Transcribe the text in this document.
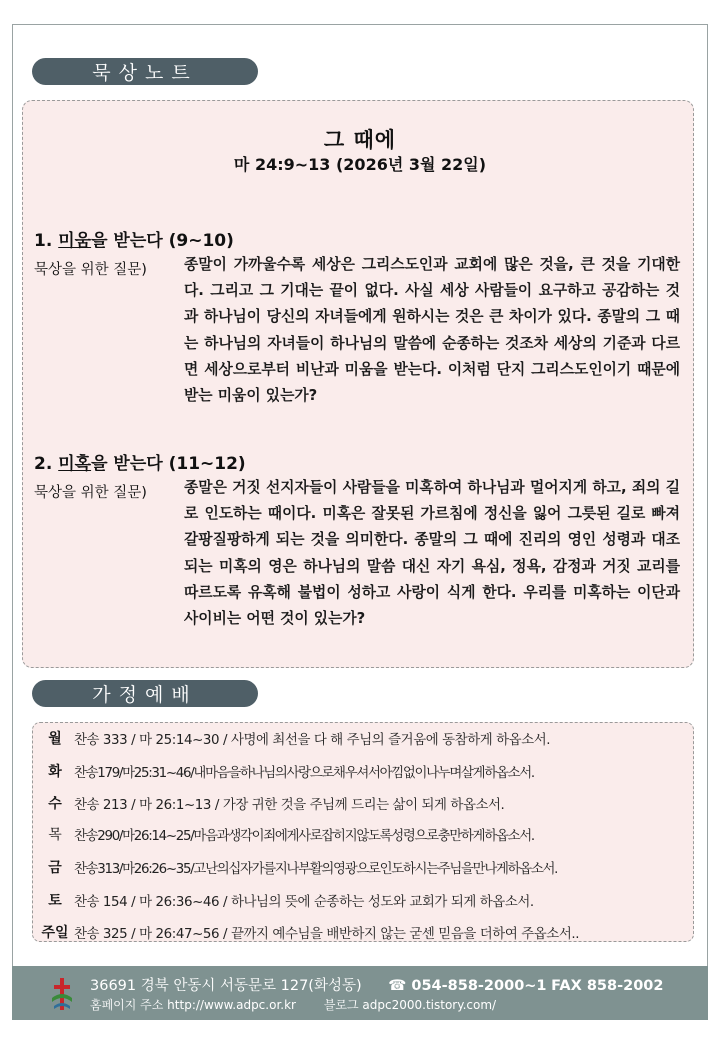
묵상노트
그 때에
마 24:9~13 (2026년 3월 22일)
1. 미움을 받는다 (9~10)
묵상을 위한 질문)	종말이 가까울수록 세상은 그리스도인과 교회에 많은 것을, 큰 것을 기대한다. 그리고 그 기대는 끝이 없다. 사실 세상 사람들이 요구하고 공감하는 것과 하나님이 당신의 자녀들에게 원하시는 것은 큰 차이가 있다. 종말의 그 때는 하나님의 자녀들이 하나님의 말씀에 순종하는 것조차 세상의 기준과 다르면 세상으로부터 비난과 미움을 받는다. 이처럼 단지 그리스도인이기 때문에 받는 미움이 있는가?
2. 미혹을 받는다 (11~12)
묵상을 위한 질문)	종말은 거짓 선지자들이 사람들을 미혹하여 하나님과 멀어지게 하고, 죄의 길로 인도하는 때이다. 미혹은 잘못된 가르침에 정신을 잃어 그릇된 길로 빠져 갈팡질팡하게 되는 것을 의미한다. 종말의 그 때에 진리의 영인 성령과 대조되는 미혹의 영은 하나님의 말씀 대신 자기 욕심, 정욕, 감정과 거짓 교리를 따르도록 유혹해 불법이 성하고 사랑이 식게 한다. 우리를 미혹하는 이단과 사이비는 어떤 것이 있는가?
가정예배
월 찬송 333 / 마 25:14~30 / 사명에 최선을 다 해 주님의 즐거움에 동참하게 하옵소서.
화 찬송179/마25:31~46/내마음을하나님의사랑으로채우셔서아낌없이나누며살게하옵소서.
수 찬송 213 / 마 26:1~13 / 가장 귀한 것을 주님께 드리는 삶이 되게 하옵소서.
목 찬송290/마26:14~25/마음과생각이죄에게사로잡히지않도록성령으로충만하게하옵소서.
금 찬송313/마26:26~35/고난의십자가를지나부활의영광으로인도하시는주님을만나게하옵소서.
토 찬송 154 / 마 26:36~46 / 하나님의 뜻에 순종하는 성도와 교회가 되게 하옵소서.
주일 찬송 325 / 마 26:47~56 / 끝까지 예수님을 배반하지 않는 굳센 믿음을 더하여 주옵소서..
36691 경북 안동시 서동문로 127(화성동) ☎ 054-858-2000~1 FAX 858-2002
홈페이지 주소 http://www.adpc.or.kr 블로그 adpc2000.tistory.com/
